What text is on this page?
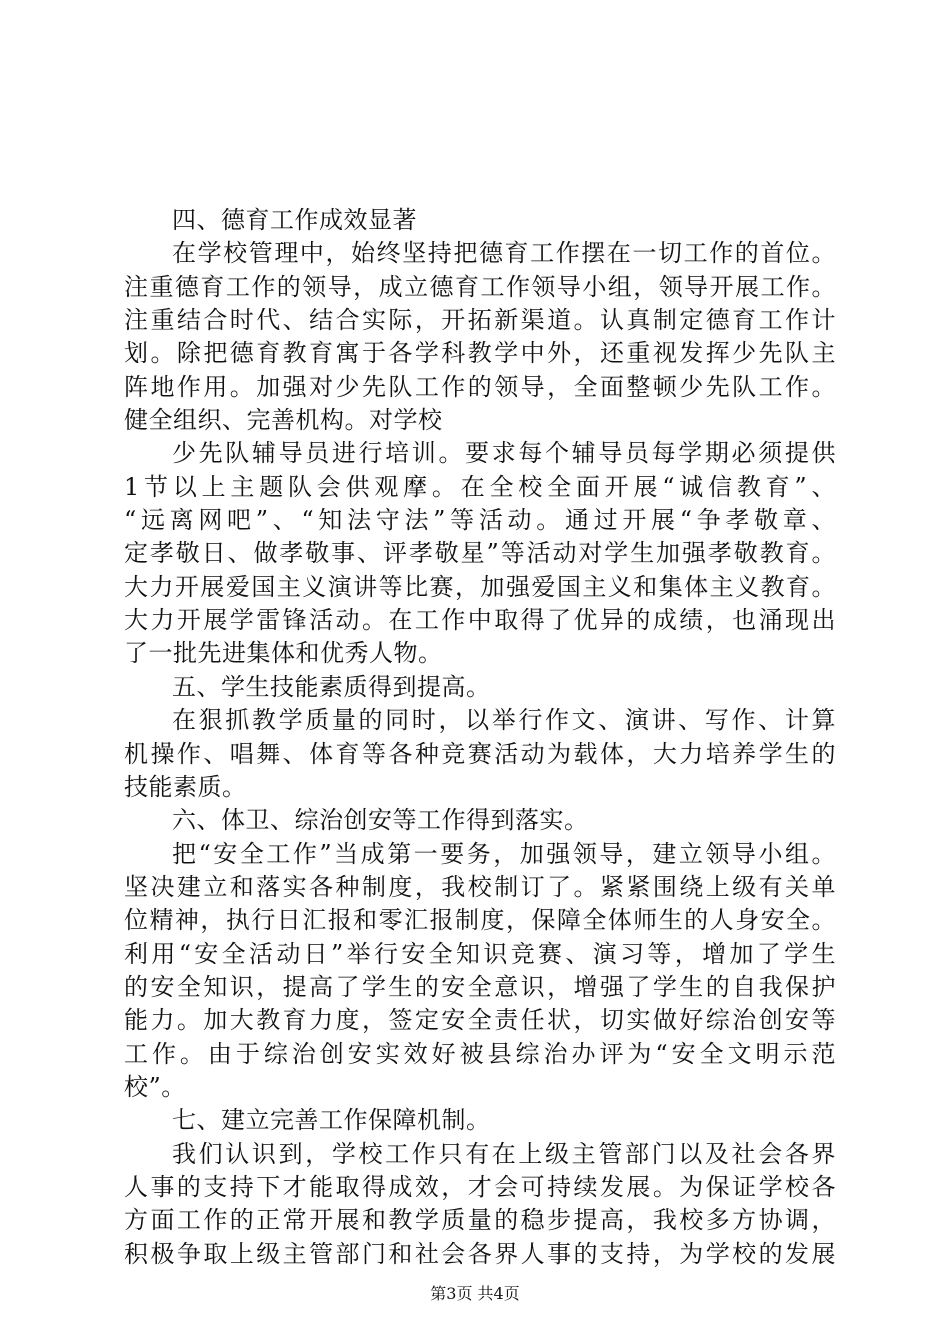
四、德育工作成效显著
在学校管理中，始终坚持把德育工作摆在一切工作的首位。
注重德育工作的领导，成立德育工作领导小组，领导开展工作。
注重结合时代、结合实际，开拓新渠道。认真制定德育工作计
划。除把德育教育寓于各学科教学中外，还重视发挥少先队主
阵地作用。加强对少先队工作的领导，全面整顿少先队工作。
健全组织、完善机构。对学校
少先队辅导员进行培训。要求每个辅导员每学期必须提供
1节以上主题队会供观摩。在全校全面开展“诚信教育”、
“远离网吧”、“知法守法”等活动。通过开展“争孝敬章、
定孝敬日、做孝敬事、评孝敬星”等活动对学生加强孝敬教育。
大力开展爱国主义演讲等比赛，加强爱国主义和集体主义教育。
大力开展学雷锋活动。在工作中取得了优异的成绩，也涌现出
了一批先进集体和优秀人物。
五、学生技能素质得到提高。
在狠抓教学质量的同时，以举行作文、演讲、写作、计算
机操作、唱舞、体育等各种竞赛活动为载体，大力培养学生的
技能素质。
六、体卫、综治创安等工作得到落实。
把“安全工作”当成第一要务，加强领导，建立领导小组。
坚决建立和落实各种制度，我校制订了。紧紧围绕上级有关单
位精神，执行日汇报和零汇报制度，保障全体师生的人身安全。
利用“安全活动日”举行安全知识竞赛、演习等，增加了学生
的安全知识，提高了学生的安全意识，增强了学生的自我保护
能力。加大教育力度，签定安全责任状，切实做好综治创安等
工作。由于综治创安实效好被县综治办评为“安全文明示范
校”。
七、建立完善工作保障机制。
我们认识到，学校工作只有在上级主管部门以及社会各界
人事的支持下才能取得成效，才会可持续发展。为保证学校各
方面工作的正常开展和教学质量的稳步提高，我校多方协调，
积极争取上级主管部门和社会各界人事的支持，为学校的发展
第3页 共4页
